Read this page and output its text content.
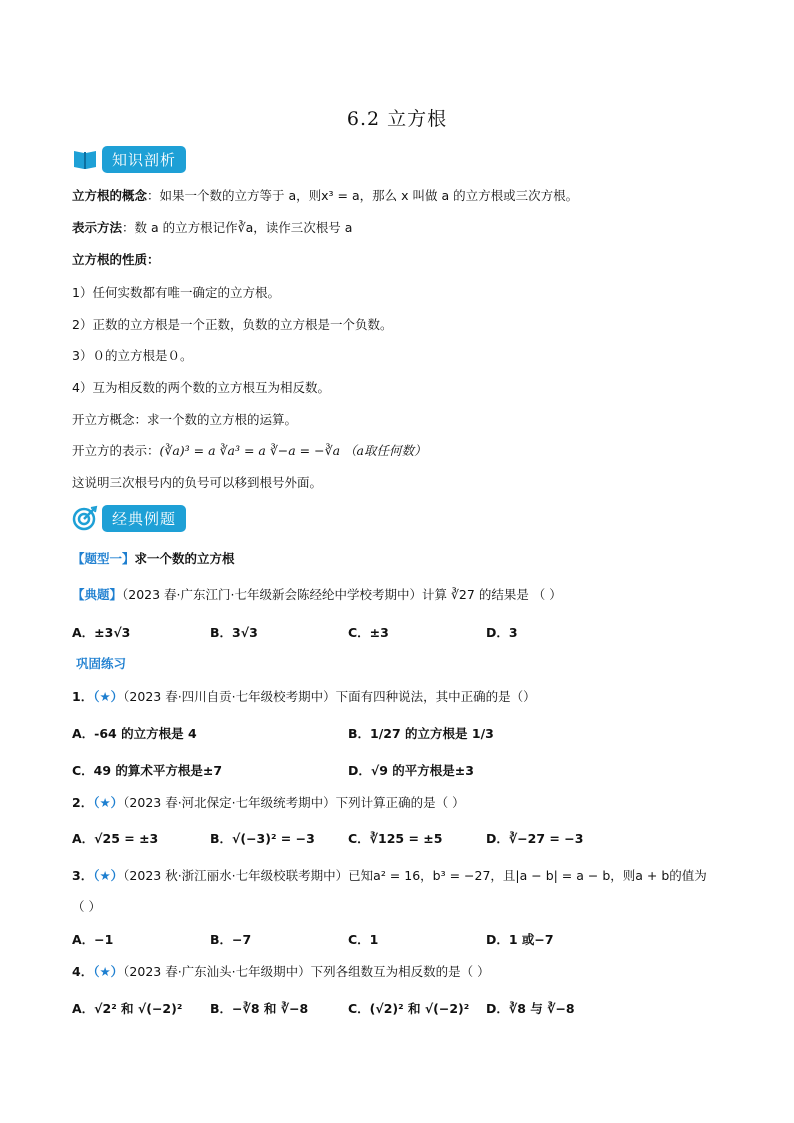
6.2 立方根
知识剖析
立方根的概念：如果一个数的立方等于 a，则x³ = a，那么 x 叫做 a 的立方根或三次方根。
表示方法：数 a 的立方根记作∛a，读作三次根号 a
立方根的性质：
1）任何实数都有唯一确定的立方根。
2）正数的立方根是一个正数，负数的立方根是一个负数。
3）０的立方根是０。
4）互为相反数的两个数的立方根互为相反数。
开立方概念：求一个数的立方根的运算。
开立方的表示：(∛a)³ = a ∛a³ = a ∛−a = −∛a （a取任何数）
这说明三次根号内的负号可以移到根号外面。
经典例题
【题型一】求一个数的立方根
【典题】（2023 春·广东江门·七年级新会陈经纶中学校考期中）计算 ∛27 的结果是 （ ）
A．±3√3	B．3√3	C．±3	D．3
巩固练习
1．（★）（2023 春·四川自贡·七年级校考期中）下面有四种说法，其中正确的是（）
A．-64 的立方根是 4	B．1/27 的立方根是 1/3
C．49 的算术平方根是±7	D．√9 的平方根是±3
2．（★）（2023 春·河北保定·七年级统考期中）下列计算正确的是（ ）
A．√25 = ±3	B．√(−3)² = −3	C．∛125 = ±5	D．∛−27 = −3
3．（★）（2023 秋·浙江丽水·七年级校联考期中）已知a² = 16，b³ = −27，且|a − b| = a − b，则a + b的值为
（ ）
A．−1	B．−7	C．1	D．1 或−7
4．（★）（2023 春·广东汕头·七年级期中）下列各组数互为相反数的是（ ）
A．√2² 和 √(−2)² B．−∛8 和 ∛−8	C．(√2)² 和 √(−2)² D．∛8 与 ∛−8
